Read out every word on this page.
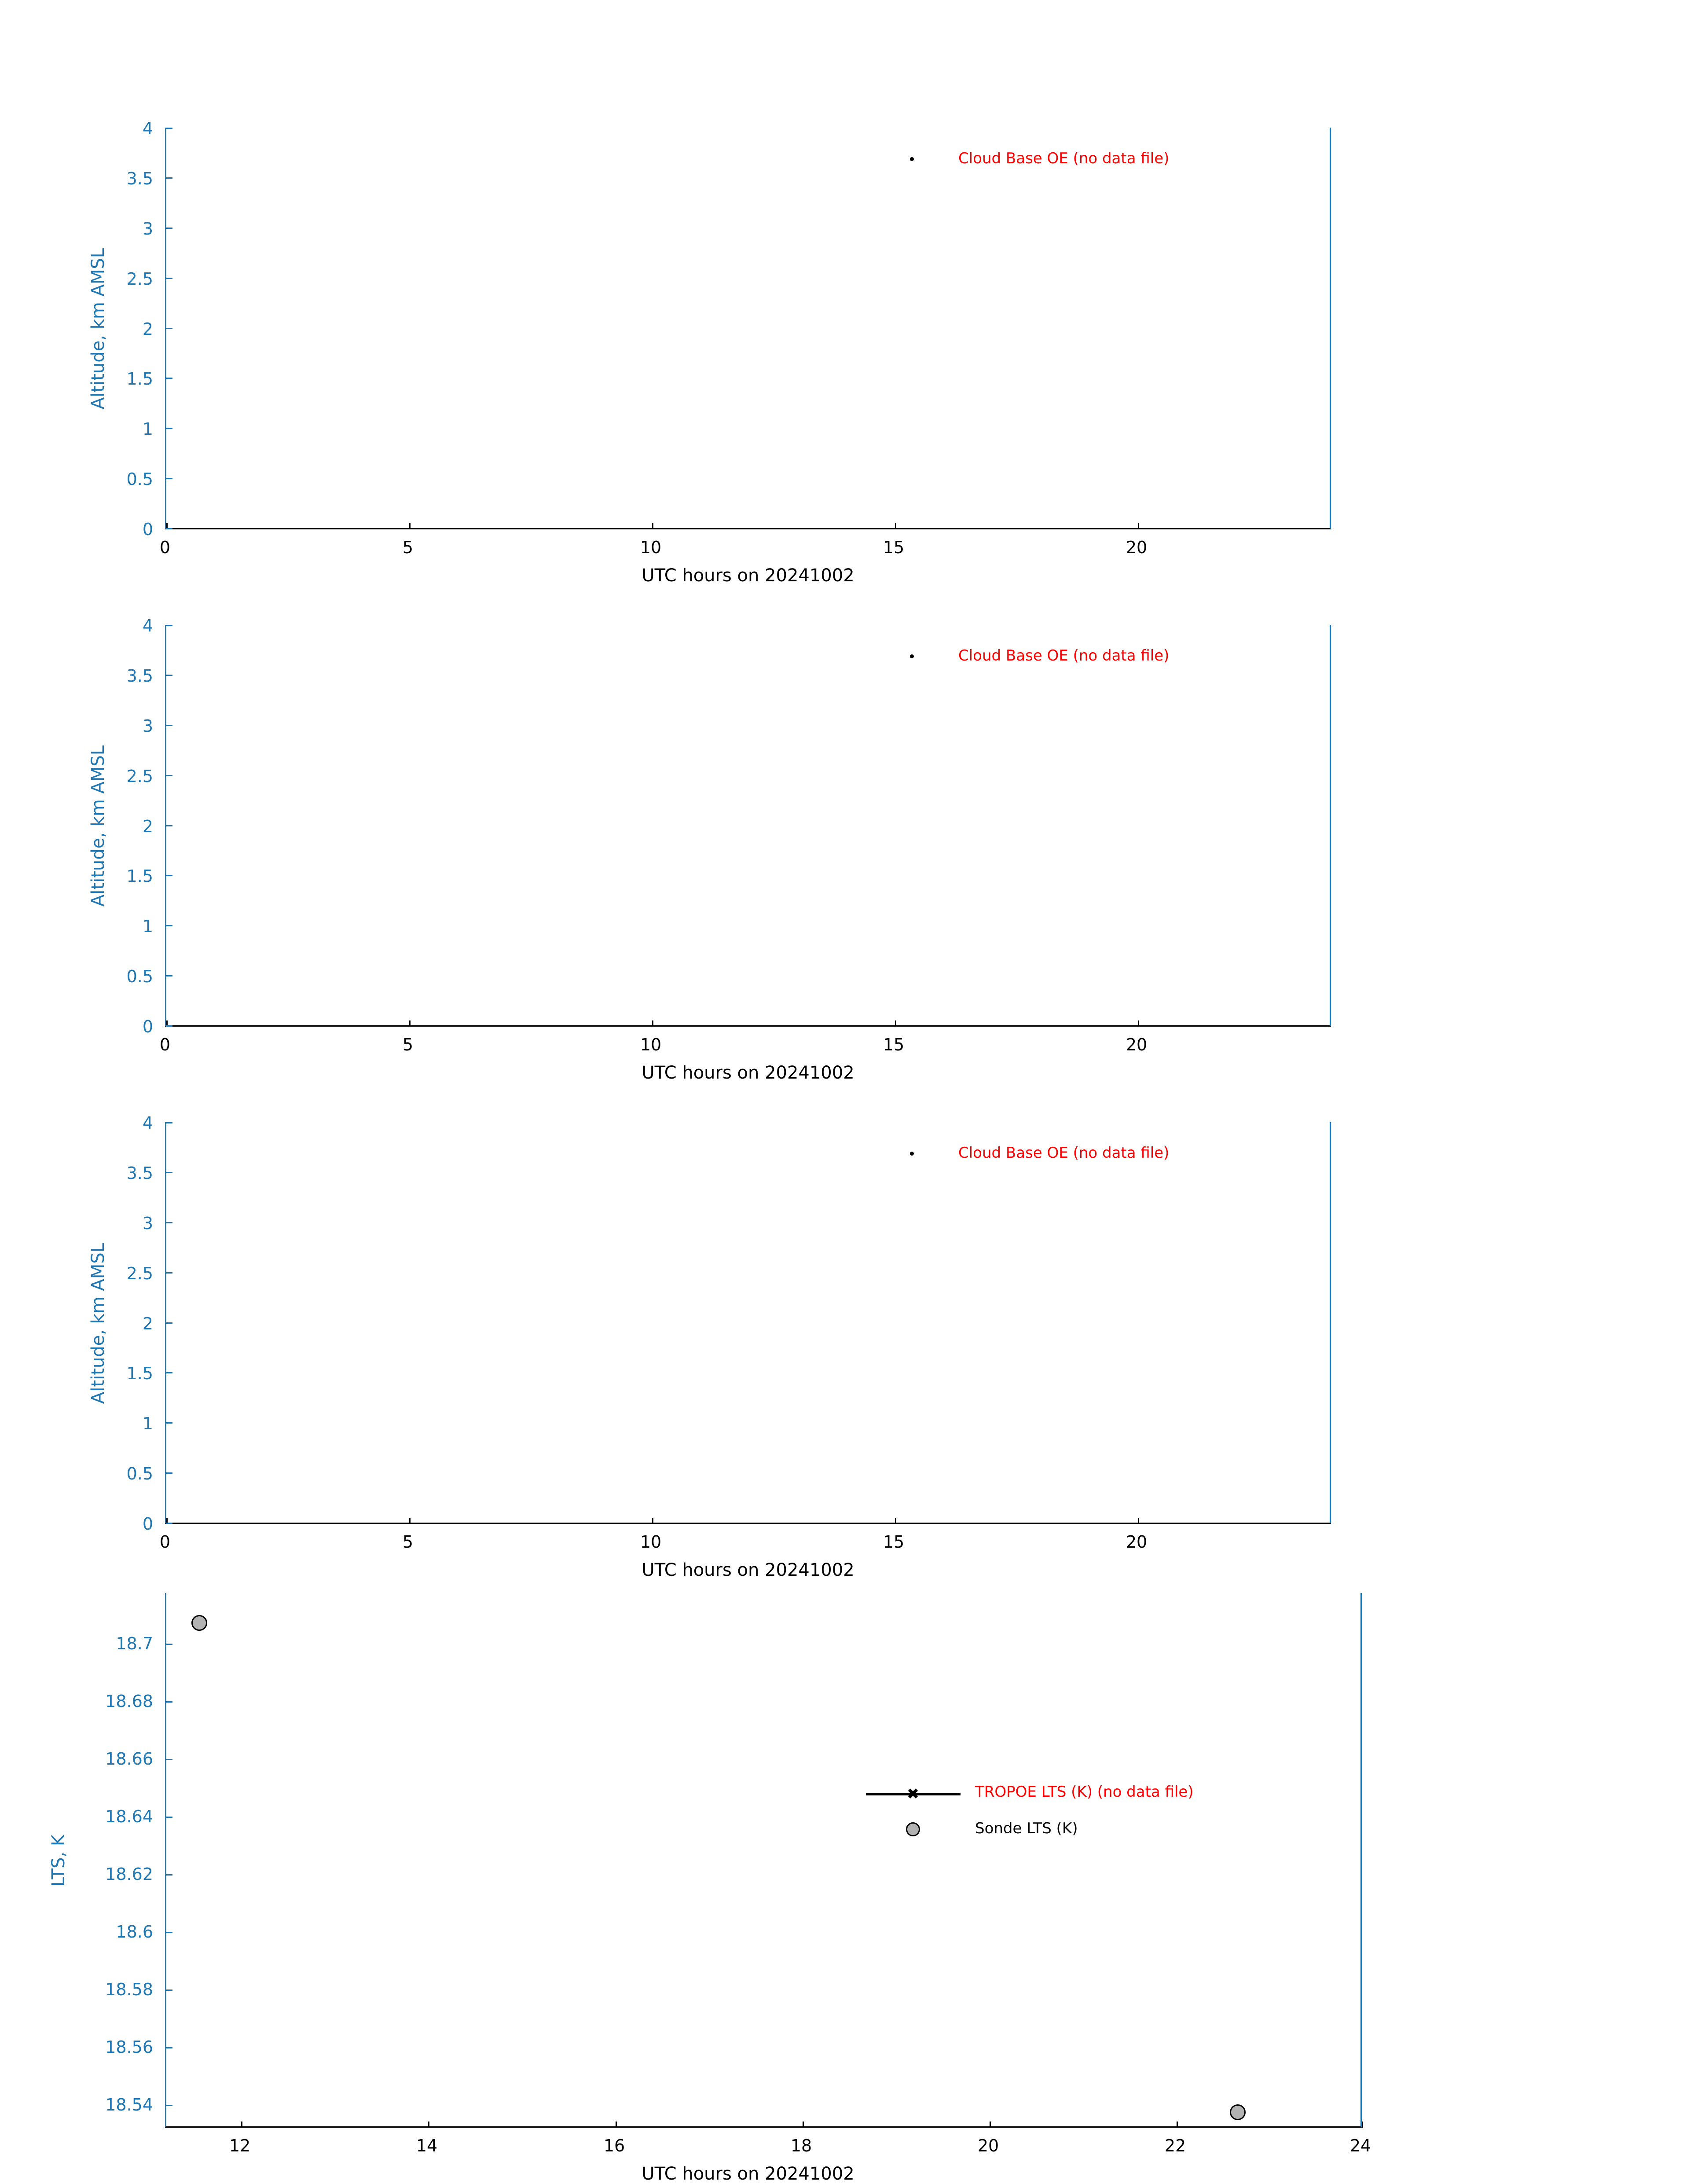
Cloud Base OE (no data file)
0	5	10	15	20
0
0.5
1
1.5
2
2.5
3
3.5
4
UTC hours on 20241002
Altitude, km AMSL
Cloud Base OE (no data file)
0	5	10	15	20
0
0.5
1
1.5
2
2.5
3
3.5
4
UTC hours on 20241002
Altitude, km AMSL
Cloud Base OE (no data file)
0	5	10	15	20
0
0.5
1
1.5
2
2.5
3
3.5
4
UTC hours on 20241002
Altitude, km AMSL
✖	TROPOE LTS (K) (no data file)
Sonde LTS (K)
12	14	16	18	20	22	24
18.54
18.56
18.58
18.6
18.62
18.64
18.66
18.68
18.7
UTC hours on 20241002
LTS, K
